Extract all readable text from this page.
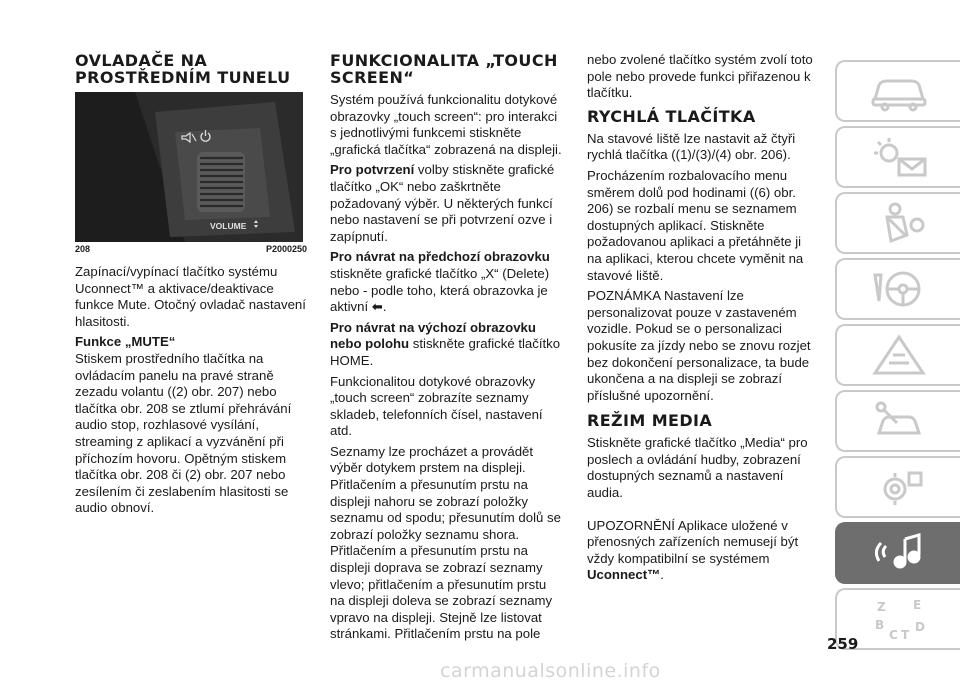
OVLADAČE NA PROSTŘEDNÍM TUNELU
VOLUME
208	P2000250

Zapínací/vypínací tlačítko systému Uconnect™ a aktivace/deaktivace funkce Mute. Otočný ovladač nastavení hlasitosti.

Funkce „MUTE“

Stiskem prostředního tlačítka na ovládacím panelu na pravé straně zezadu volantu ((2) obr. 207) nebo tlačítka obr. 208 se ztlumí přehrávání audio stop, rozhlasové vysílání, streaming z aplikací a vyzvánění při příchozím hovoru. Opětným stiskem tlačítka obr. 208 či (2) obr. 207 nebo zesílením či zeslabením hlasitosti se audio obnoví.

FUNKCIONALITA „TOUCH SCREEN“

Systém používá funkcionalitu dotykové obrazovky „touch screen“: pro interakci s jednotlivými funkcemi stiskněte „grafická tlačítka“ zobrazená na displeji.

Pro potvrzení volby stiskněte grafické tlačítko „OK“ nebo zaškrtněte požadovaný výběr. U některých funkcí nebo nastavení se při potvrzení ozve i zapípnutí.

Pro návrat na předchozí obrazovku
stiskněte grafické tlačítko „X“ (Delete) nebo - podle toho, která obrazovka je aktivní ⬅.

Pro návrat na výchozí obrazovku nebo polohu stiskněte grafické tlačítko HOME.

Funkcionalitou dotykové obrazovky „touch screen“ zobrazíte seznamy skladeb, telefonních čísel, nastavení atd.

Seznamy lze procházet a provádět výběr dotykem prstem na displeji. Přitlačením a přesunutím prstu na displeji nahoru se zobrazí položky seznamu od spodu; přesunutím dolů se zobrazí položky seznamu shora. Přitlačením a přesunutím prstu na displeji doprava se zobrazí seznamy vlevo; přitlačením a přesunutím prstu na displeji doleva se zobrazí seznamy vpravo na displeji. Stejně lze listovat stránkami. Přitlačením prstu na pole

nebo zvolené tlačítko systém zvolí toto pole nebo provede funkci přiřazenou k tlačítku.

RYCHLÁ TLAČÍTKA

Na stavové liště lze nastavit až čtyři rychlá tlačítka ((1)/(3)/(4) obr. 206).

Procházením rozbalovacího menu směrem dolů pod hodinami ((6) obr. 206) se rozbalí menu se seznamem dostupných aplikací. Stiskněte požadovanou aplikaci a přetáhněte ji na aplikaci, kterou chcete vyměnit na stavové liště.

POZNÁMKA Nastavení lze personalizovat pouze v zastaveném vozidle. Pokud se o personalizaci pokusíte za jízdy nebo se znovu rozjet bez dokončení personalizace, ta bude ukončena a na displeji se zobrazí příslušné upozornění.

REŽIM MEDIA

Stiskněte grafické tlačítko „Media“ pro poslech a ovládání hudby, zobrazení dostupných seznamů a nastavení audia.

UPOZORNĚNÍ Aplikace uložené v přenosných zařízeních nemusejí být vždy kompatibilní se systémem Uconnect™.

Z E
B
C T
D
259
carmanualsonline.info
